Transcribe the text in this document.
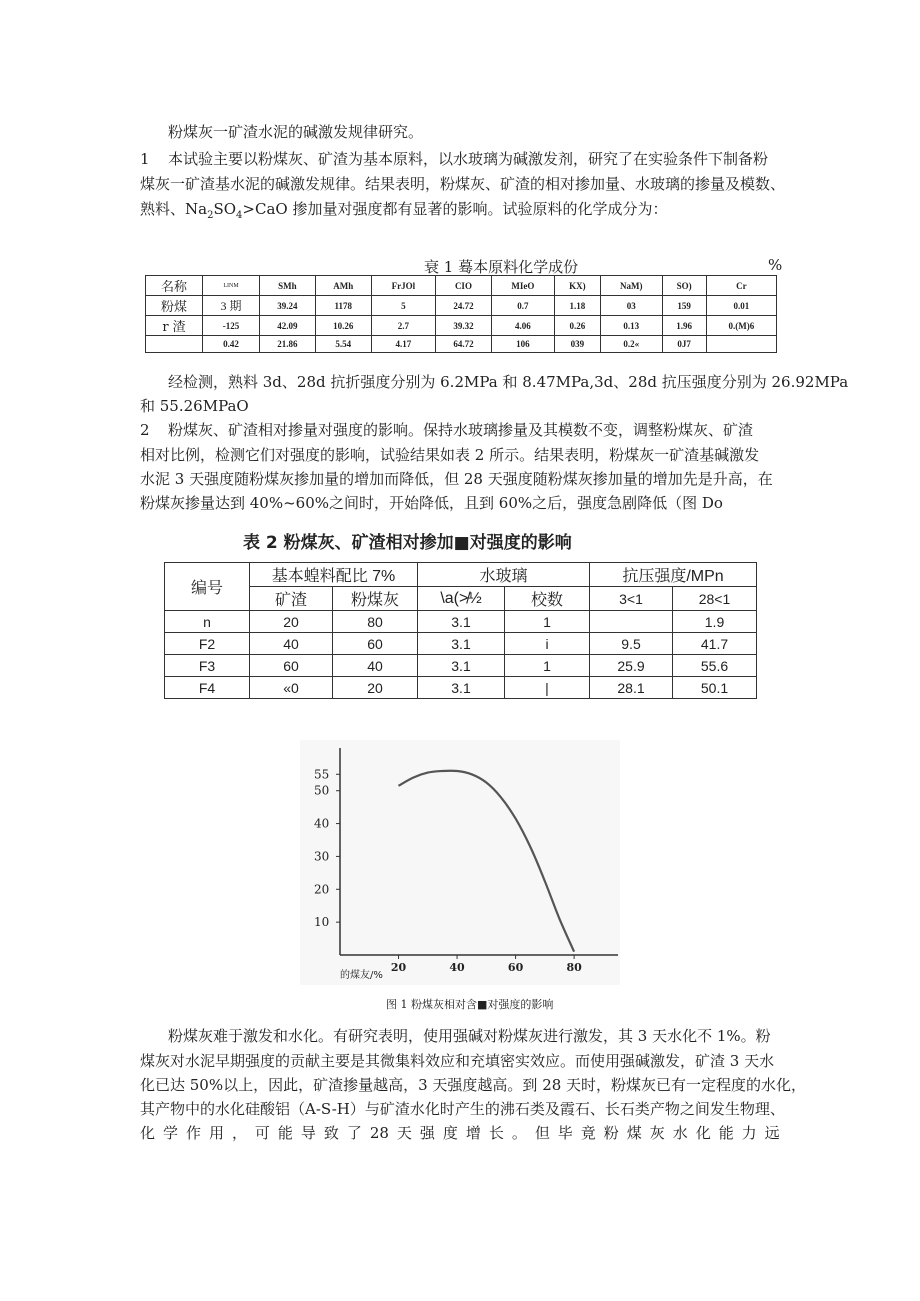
粉煤灰一矿渣水泥的碱激发规律研究。
1 本试验主要以粉煤灰、矿渣为基本原料，以水玻璃为碱激发剂，研究了在实验条件下制备粉
煤灰一矿渣基水泥的碱激发规律。结果表明，粉煤灰、矿渣的相对掺加量、水玻璃的掺量及模数、
熟料、$Na_2SO_4>CaO$ 掺加量对强度都有显著的影响。试验原料的化学成分为：
衰 1 蓦本原料化学成份	%
名称	LINM	SMh	AMh	FrJOl	CIO	MIeO	KX)	NaM)	SO)	Cr
粉煤	3 期	39.24	1178	5	24.72	0.7	1.18	03	159	0.01
r 渣	-125	42.09	10.26	2.7	39.32	4.06	0.26	0.13	1.96	0.(M)6
	0.42	21.86	5.54	4.17	64.72	106	039	0.2«	0J7	
经检测，熟料 3d、28d 抗折强度分别为 6.2MPa 和 8.47MPa,3d、28d 抗压强度分别为 26.92MPa
和 55.26MPaO
2 粉煤灰、矿渣相对掺量对强度的影响。保持水玻璃掺量及其模数不变，调整粉煤灰、矿渣
相对比例，检测它们对强度的影响，试验结果如表 2 所示。结果表明，粉煤灰一矿渣基碱激发
水泥 3 天强度随粉煤灰掺加量的增加而降低，但 28 天强度随粉煤灰掺加量的增加先是升高，在
粉煤灰掺量达到 40%~60%之间时，开始降低，且到 60%之后，强度急剧降低（图 Do
表 2 粉煤灰、矿渣相对掺加■对强度的影响
编号	基本蝗料配比 7%		水玻璃		抗压强度/MPn	
	矿渣	粉煤灰	\a(≯½	校数	3<1	28<1
n	20	80	3.1	1		1.9
F2	40	60	3.1	i	9.5	41.7
F3	60	40	3.1	1	25.9	55.6
F4	«0	20	3.1	|	28.1	50.1
55
50
40
30
20
10
20	40	60	80
的煤友/%
图 1 粉煤灰相对含■对强度的影响
粉煤灰难于激发和水化。有研究表明，使用强碱对粉煤灰进行激发，其 3 天水化不 1%。粉
煤灰对水泥早期强度的贡献主要是其微集料效应和充填密实效应。而使用强碱激发，矿渣 3 天水
化已达 50%以上，因此，矿渣掺量越高，3 天强度越高。到 28 天时，粉煤灰已有一定程度的水化，
其产物中的水化硅酸铝（A-S-H）与矿渣水化时产生的沸石类及霞石、长石类产物之间发生物理、
化 学 作 用 ， 可 能 导 致 了 28 天 强 度 增 长 。 但 毕 竟 粉 煤 灰 水 化 能 力 远
